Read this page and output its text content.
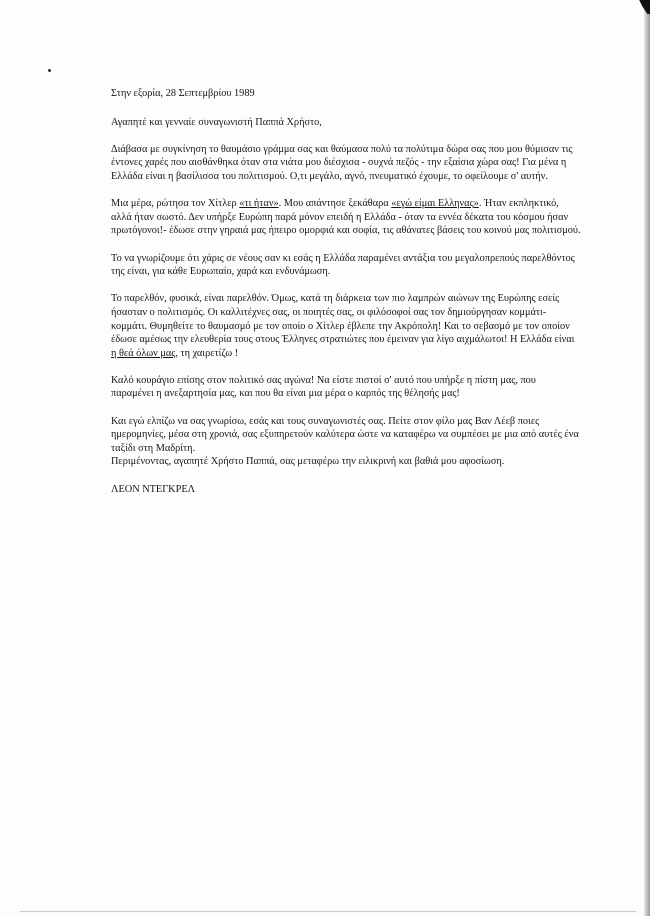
Στην εξορία, 28 Σεπτεμβρίου 1989

Αγαπητέ και γενναίε συναγωνιστή Παππά Χρήστο,

Διάβασα με συγκίνηση το θαυμάσιο γράμμα σας και θαύμασα πολύ τα πολύτιμα δώρα σας που μου θύμισαν τις έντονες χαρές που αισθάνθηκα όταν στα νιάτα μου διέσχισα - συχνά πεζός - την εξαίσια χώρα σας! Για μένα η Ελλάδα είναι η βασίλισσα του πολιτισμού. Ο,τι μεγάλο, αγνό, πνευματικό έχουμε, το οφείλουμε σ' αυτήν.

Μια μέρα, ρώτησα τον Χίτλερ «τι ήταν». Μου απάντησε ξεκάθαρα «εγώ είμαι Ελληνας». Ήταν εκπληκτικό, αλλά ήταν σωστό. Δεν υπήρξε Ευρώπη παρά μόνον επειδή η Ελλάδα - όταν τα εννέα δέκατα του κόσμου ήσαν πρωτόγονοι!- έδωσε στην γηραιά μας ήπειρο ομορφιά και σοφία, τις αθάνατες βάσεις του κοινού μας πολιτισμού.

Το να γνωρίζουμε ότι χάρις σε νέους σαν κι εσάς η Ελλάδα παραμένει αντάξια του μεγαλοπρεπούς παρελθόντος της είναι, για κάθε Ευρωπαίο, χαρά και ενδυνάμωση.

Το παρελθόν, φυσικά, είναι παρελθόν. Όμως, κατά τη διάρκεια των πιο λαμπρών αιώνων της Ευρώπης εσείς ήσασταν ο πολιτισμός. Οι καλλιτέχνες σας, οι ποιητές σας, οι φιλόσοφοί σας τον δημιούργησαν κομμάτι-κομμάτι. Θυμηθείτε το θαυμασμό με τον οποίο ο Χίτλερ έβλεπε την Ακρόπολη! Και το σεβασμό με τον οποίον έδωσε αμέσως την ελευθερία τους στους Έλληνες στρατιώτες που έμειναν για λίγο αιχμάλωτοι! Η Ελλάδα είναι η θεά όλων μας, τη χαιρετίζω !

Καλό κουράγιο επίσης στον πολιτικό σας αγώνα! Να είστε πιστοί σ' αυτό που υπήρξε η πίστη μας, που παραμένει η ανεξαρτησία μας, και που θα είναι μια μέρα ο καρπός της θέλησής μας!

Και εγώ ελπίζω να σας γνωρίσω, εσάς και τους συναγωνιστές σας. Πείτε στον φίλο μας Βαν Λέεβ ποιες ημερομηνίες, μέσα στη χρονιά, σας εξυπηρετούν καλύτερα ώστε να καταφέρω να συμπέσει με μια από αυτές ένα ταξίδι στη Μαδρίτη.

Περιμένοντας, αγαπητέ Χρήστο Παππά, σας μεταφέρω την ειλικρινή και βαθιά μου αφοσίωση.

ΛΕΟΝ ΝΤΕΓΚΡΕΛ
